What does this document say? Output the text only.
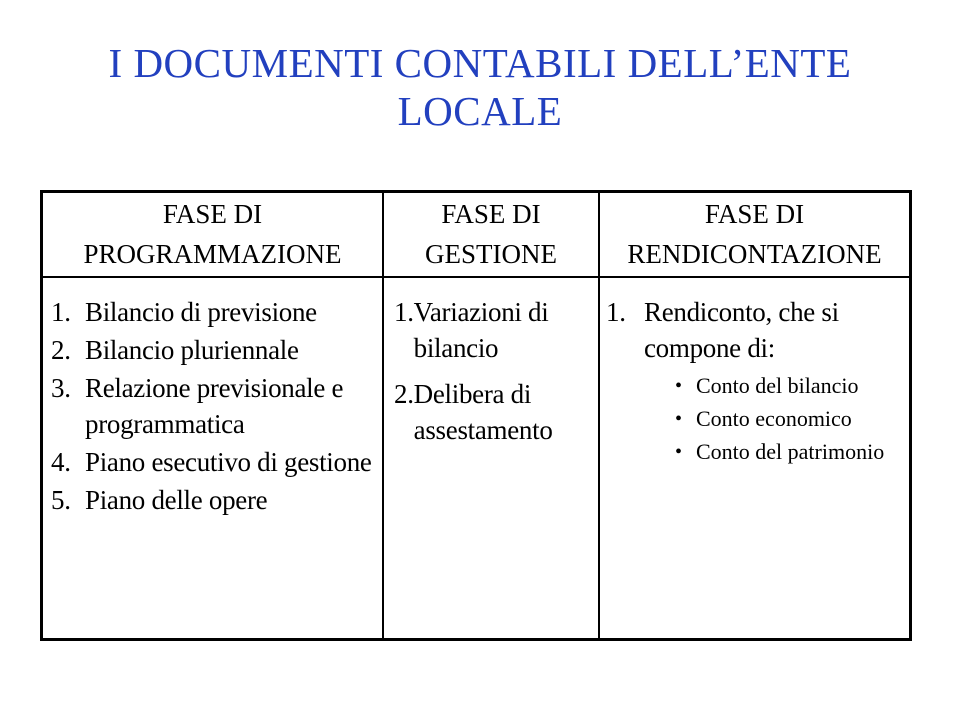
I DOCUMENTI CONTABILI DELL’ENTE LOCALE
FASE DI PROGRAMMAZIONE
FASE DI GESTIONE
FASE DI RENDICONTAZIONE
1. Bilancio di previsione
2. Bilancio pluriennale
3. Relazione previsionale e programmatica
4. Piano esecutivo di gestione
5. Piano delle opere
1. Variazioni di bilancio
2. Delibera di assestamento
1. Rendiconto, che si compone di:
• Conto del bilancio
• Conto economico
• Conto del patrimonio
